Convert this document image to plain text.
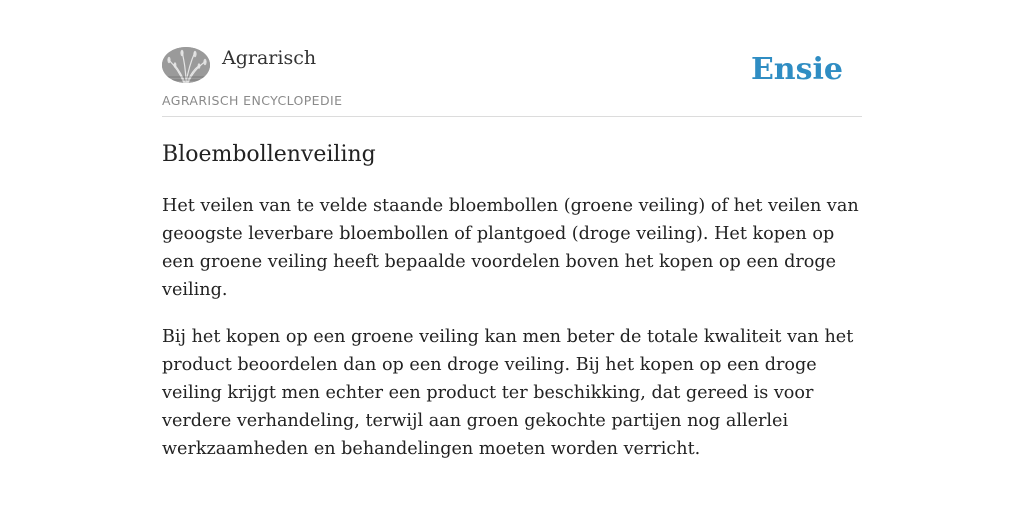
Agrarisch
AGRARISCH ENCYCLOPEDIE
Ensie
Bloembollenveiling

Het veilen van te velde staande bloembollen (groene veiling) of het veilen van geoogste leverbare bloembollen of plantgoed (droge veiling). Het kopen op een groene veiling heeft bepaalde voordelen boven het kopen op een droge veiling.

Bij het kopen op een groene veiling kan men beter de totale kwaliteit van het product beoordelen dan op een droge veiling. Bij het kopen op een droge veiling krijgt men echter een product ter beschikking, dat gereed is voor verdere verhandeling, terwijl aan groen gekochte partijen nog allerlei werkzaamheden en behandelingen moeten worden verricht.
